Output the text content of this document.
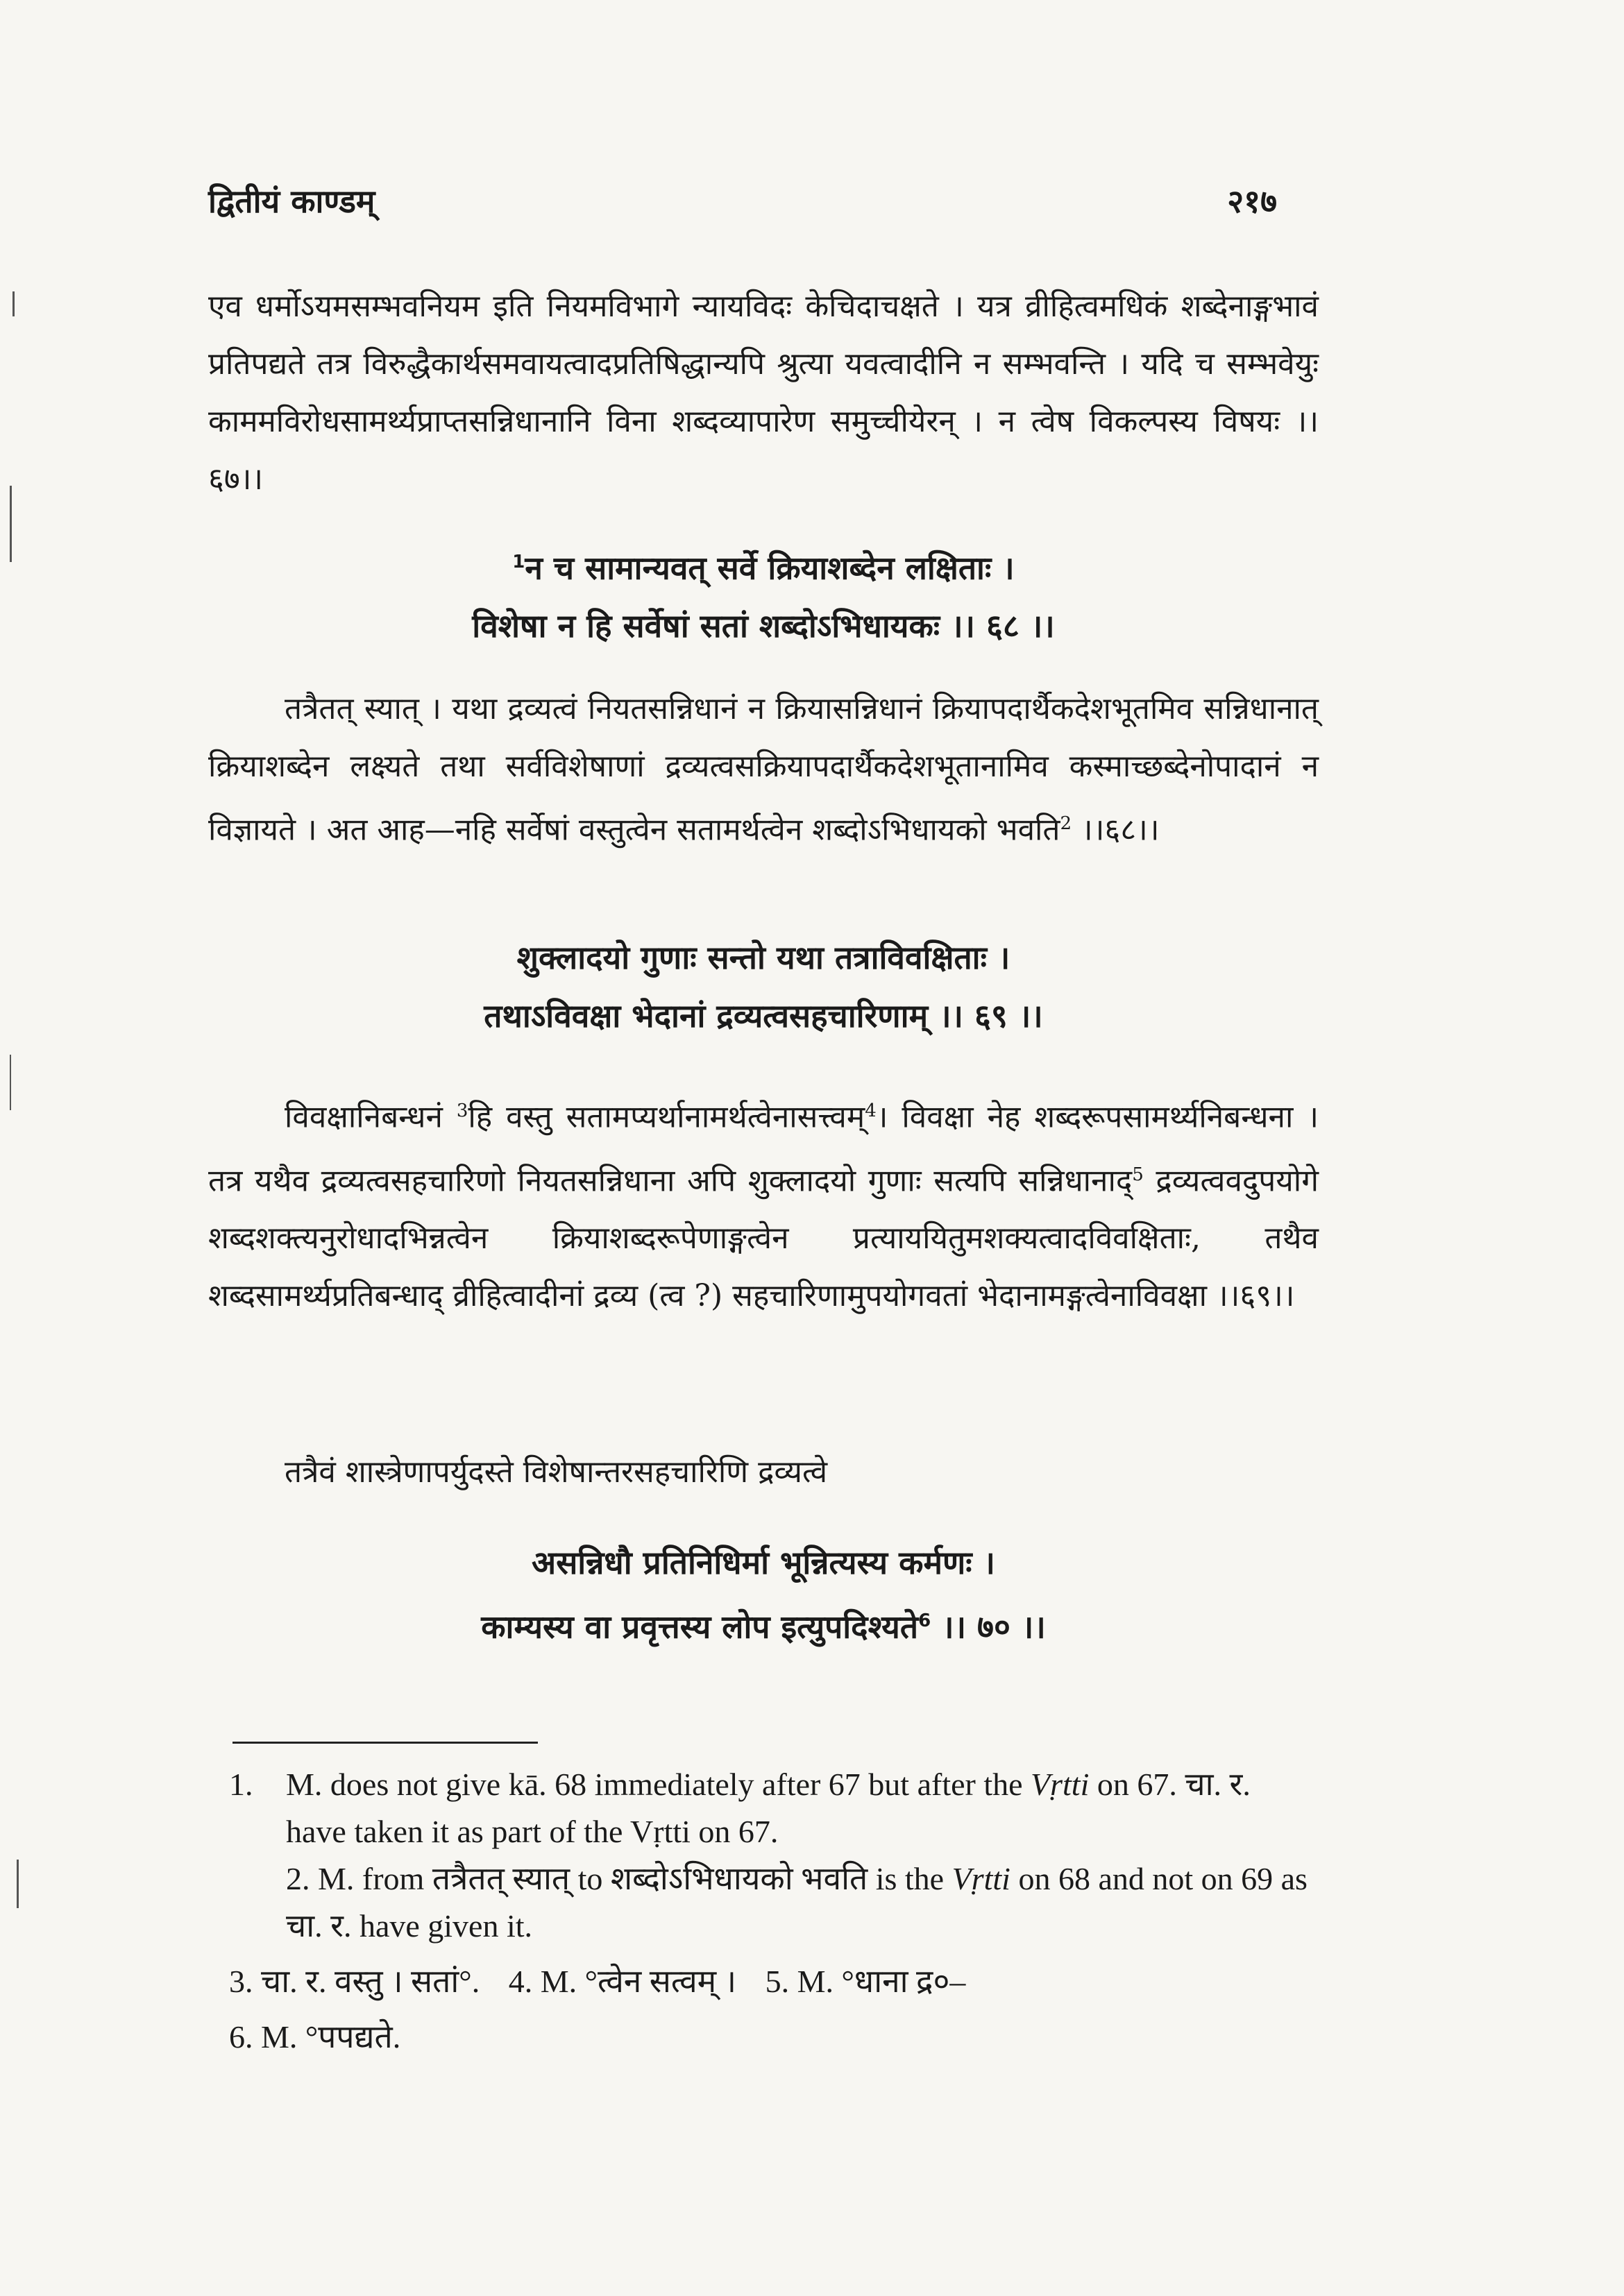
द्वितीयं काण्डम्	२१७

एव धर्मोऽयमसम्भवनियम इति नियमविभागे न्यायविदः केचिदाचक्षते । यत्र व्रीहित्वमधिकं शब्देनाङ्गभावं प्रतिपद्यते तत्र विरुद्धैकार्थसमवायत्वादप्रतिषिद्धान्यपि श्रुत्या यवत्वादीनि न सम्भवन्ति । यदि च सम्भवेयुः काममविरोधसामर्थ्यप्राप्तसन्निधानानि विना शब्दव्यापारेण समुच्चीयेरन् । न त्वेष विकल्पस्य विषयः ।।६७।।

$^1$न च सामान्यवत् सर्वे क्रियाशब्देन लक्षिताः ।
विशेषा न हि सर्वेषां सतां शब्दोऽभिधायकः ।। ६८ ।।

तत्रैतत् स्यात् । यथा द्रव्यत्वं नियतसन्निधानं न क्रियासन्निधानं क्रियापदार्थैकदेशभूतमिव सन्निधानात् क्रियाशब्देन लक्ष्यते तथा सर्वविशेषाणां द्रव्यत्वसक्रियापदार्थैकदेशभूतानामिव कस्माच्छब्देनोपादानं न विज्ञायते । अत आह—नहि सर्वेषां वस्तुत्वेन सतामर्थत्वेन शब्दोऽभिधायको भवति$^2$ ।।६८।।

शुक्लादयो गुणाः सन्तो यथा तत्राविवक्षिताः ।
तथाऽविवक्षा भेदानां द्रव्यत्वसहचारिणाम् ।। ६९ ।।

विवक्षानिबन्धनं $^3$हि वस्तु सतामप्यर्थानामर्थत्वेनासत्त्वम्$^4$। विवक्षा नेह शब्दरूपसामर्थ्यनिबन्धना । तत्र यथैव द्रव्यत्वसहचारिणो नियतसन्निधाना अपि शुक्लादयो गुणाः सत्यपि सन्निधानाद्$^5$ द्रव्यत्ववदुपयोगे शब्दशक्त्यनुरोधादभिन्नत्वेन क्रियाशब्दरूपेणाङ्गत्वेन प्रत्याययितुमशक्यत्वादविवक्षिताः, तथैव शब्दसामर्थ्यप्रतिबन्धाद् व्रीहित्वादीनां द्रव्य (त्व ?) सहचारिणामुपयोगवतां भेदानामङ्गत्वेनाविवक्षा ।।६९।।

तत्रैवं शास्त्रेणापर्युदस्ते विशेषान्तरसहचारिणि द्रव्यत्वे

असन्निधौ प्रतिनिधिर्मा भून्नित्यस्य कर्मणः ।
काम्यस्य वा प्रवृत्तस्य लोप इत्युपदिश्यते$^6$ ।। ७० ।।
1.	M. does not give kā. 68 immediately after 67 but after the Vṛtti on 67. चा. र. have taken it as part of the Vṛtti on 67.
2. M. from तत्रैतत् स्यात् to शब्दोऽभिधायको भवति is the Vṛtti on 68 and not on 69 as चा. र. have given it.
3. चा. र. वस्तु । सतां°. 4. M. °त्वेन सत्वम् । 5. M. °धाना द्र०–
6. M. °पपद्यते.
